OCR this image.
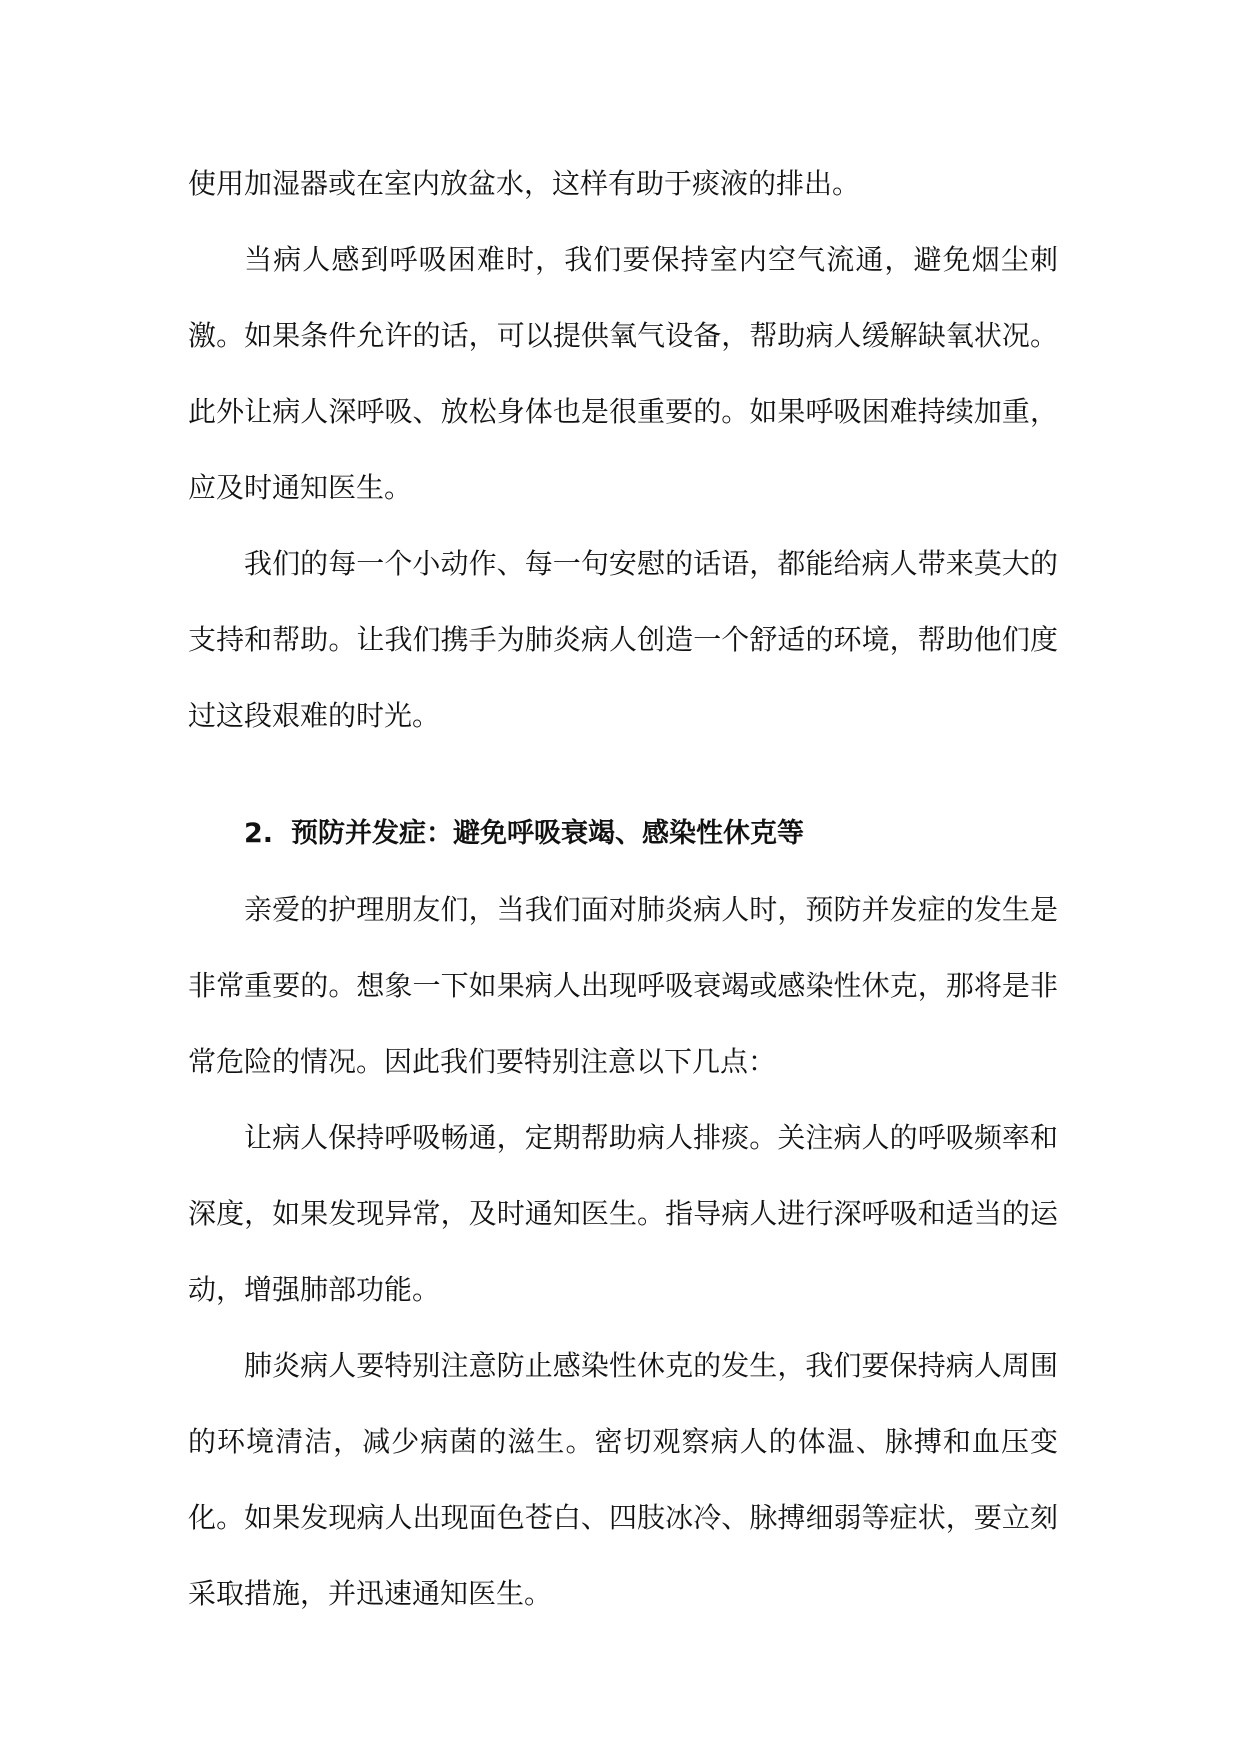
使用加湿器或在室内放盆水，这样有助于痰液的排出。

当病人感到呼吸困难时，我们要保持室内空气流通，避免烟尘刺激。如果条件允许的话，可以提供氧气设备，帮助病人缓解缺氧状况。此外让病人深呼吸、放松身体也是很重要的。如果呼吸困难持续加重，应及时通知医生。

我们的每一个小动作、每一句安慰的话语，都能给病人带来莫大的支持和帮助。让我们携手为肺炎病人创造一个舒适的环境，帮助他们度过这段艰难的时光。

2. 预防并发症：避免呼吸衰竭、感染性休克等

亲爱的护理朋友们，当我们面对肺炎病人时，预防并发症的发生是非常重要的。想象一下如果病人出现呼吸衰竭或感染性休克，那将是非常危险的情况。因此我们要特别注意以下几点：

让病人保持呼吸畅通，定期帮助病人排痰。关注病人的呼吸频率和深度，如果发现异常，及时通知医生。指导病人进行深呼吸和适当的运动，增强肺部功能。

肺炎病人要特别注意防止感染性休克的发生，我们要保持病人周围的环境清洁，减少病菌的滋生。密切观察病人的体温、脉搏和血压变化。如果发现病人出现面色苍白、四肢冰冷、脉搏细弱等症状，要立刻采取措施，并迅速通知医生。
